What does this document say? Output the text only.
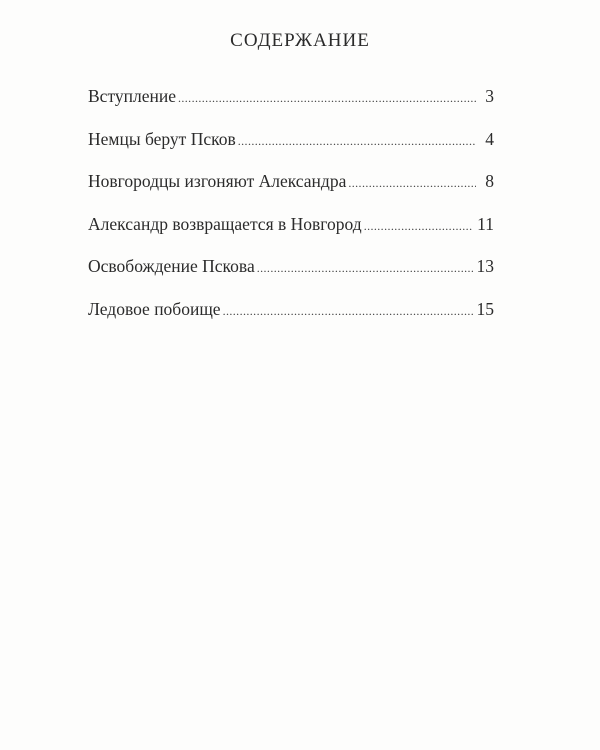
СОДЕРЖАНИЕ
Вступление .....	3
Немцы берут Псков .....	4
Новгородцы изгоняют Александра .....	8
Александр возвращается в Новгород .....	11
Освобождение Пскова .....	13
Ледовое побоище .....	15
